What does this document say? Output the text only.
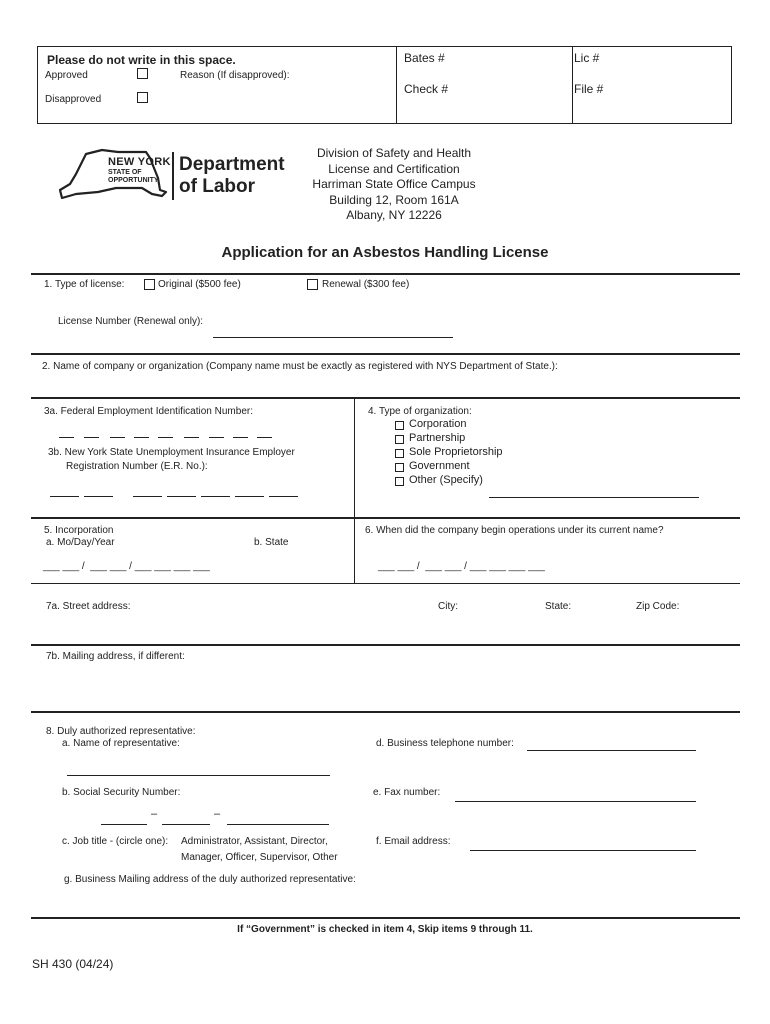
Please do not write in this space.
Approved	Reason (If disapproved):
Disapproved
Bates #
Check #
Lic #
File #
NEW YORK
STATE OF
OPPORTUNITY.
Department
of Labor
Division of Safety and Health
License and Certification
Harriman State Office Campus
Building 12, Room 161A
Albany, NY 12226
Application for an Asbestos Handling License
1. Type of license:	Original ($500 fee)	Renewal ($300 fee)
License Number (Renewal only):
2. Name of company or organization (Company name must be exactly as registered with NYS Department of State.):
3a. Federal Employment Identification Number:
3b. New York State Unemployment Insurance Employer
Registration Number (E.R. No.):
4. Type of organization:
Corporation
Partnership
Sole Proprietorship
Government
Other (Specify)
5. Incorporation
a. Mo/Day/Year	b. State
___ ___ /  ___ ___ / ___ ___ ___ ___
6. When did the company begin operations under its current name?
___ ___ /  ___ ___ / ___ ___ ___ ___
7a. Street address:	City:	State:	Zip Code:
7b. Mailing address, if different:
8. Duly authorized representative:
a. Name of representative:	d. Business telephone number:
b. Social Security Number:
–	–
e. Fax number:
c. Job title - (circle one): Administrator, Assistant, Director,
Manager, Officer, Supervisor, Other
f. Email address:
g. Business Mailing address of the duly authorized representative:
If “Government” is checked in item 4, Skip items 9 through 11.
SH 430 (04/24)
